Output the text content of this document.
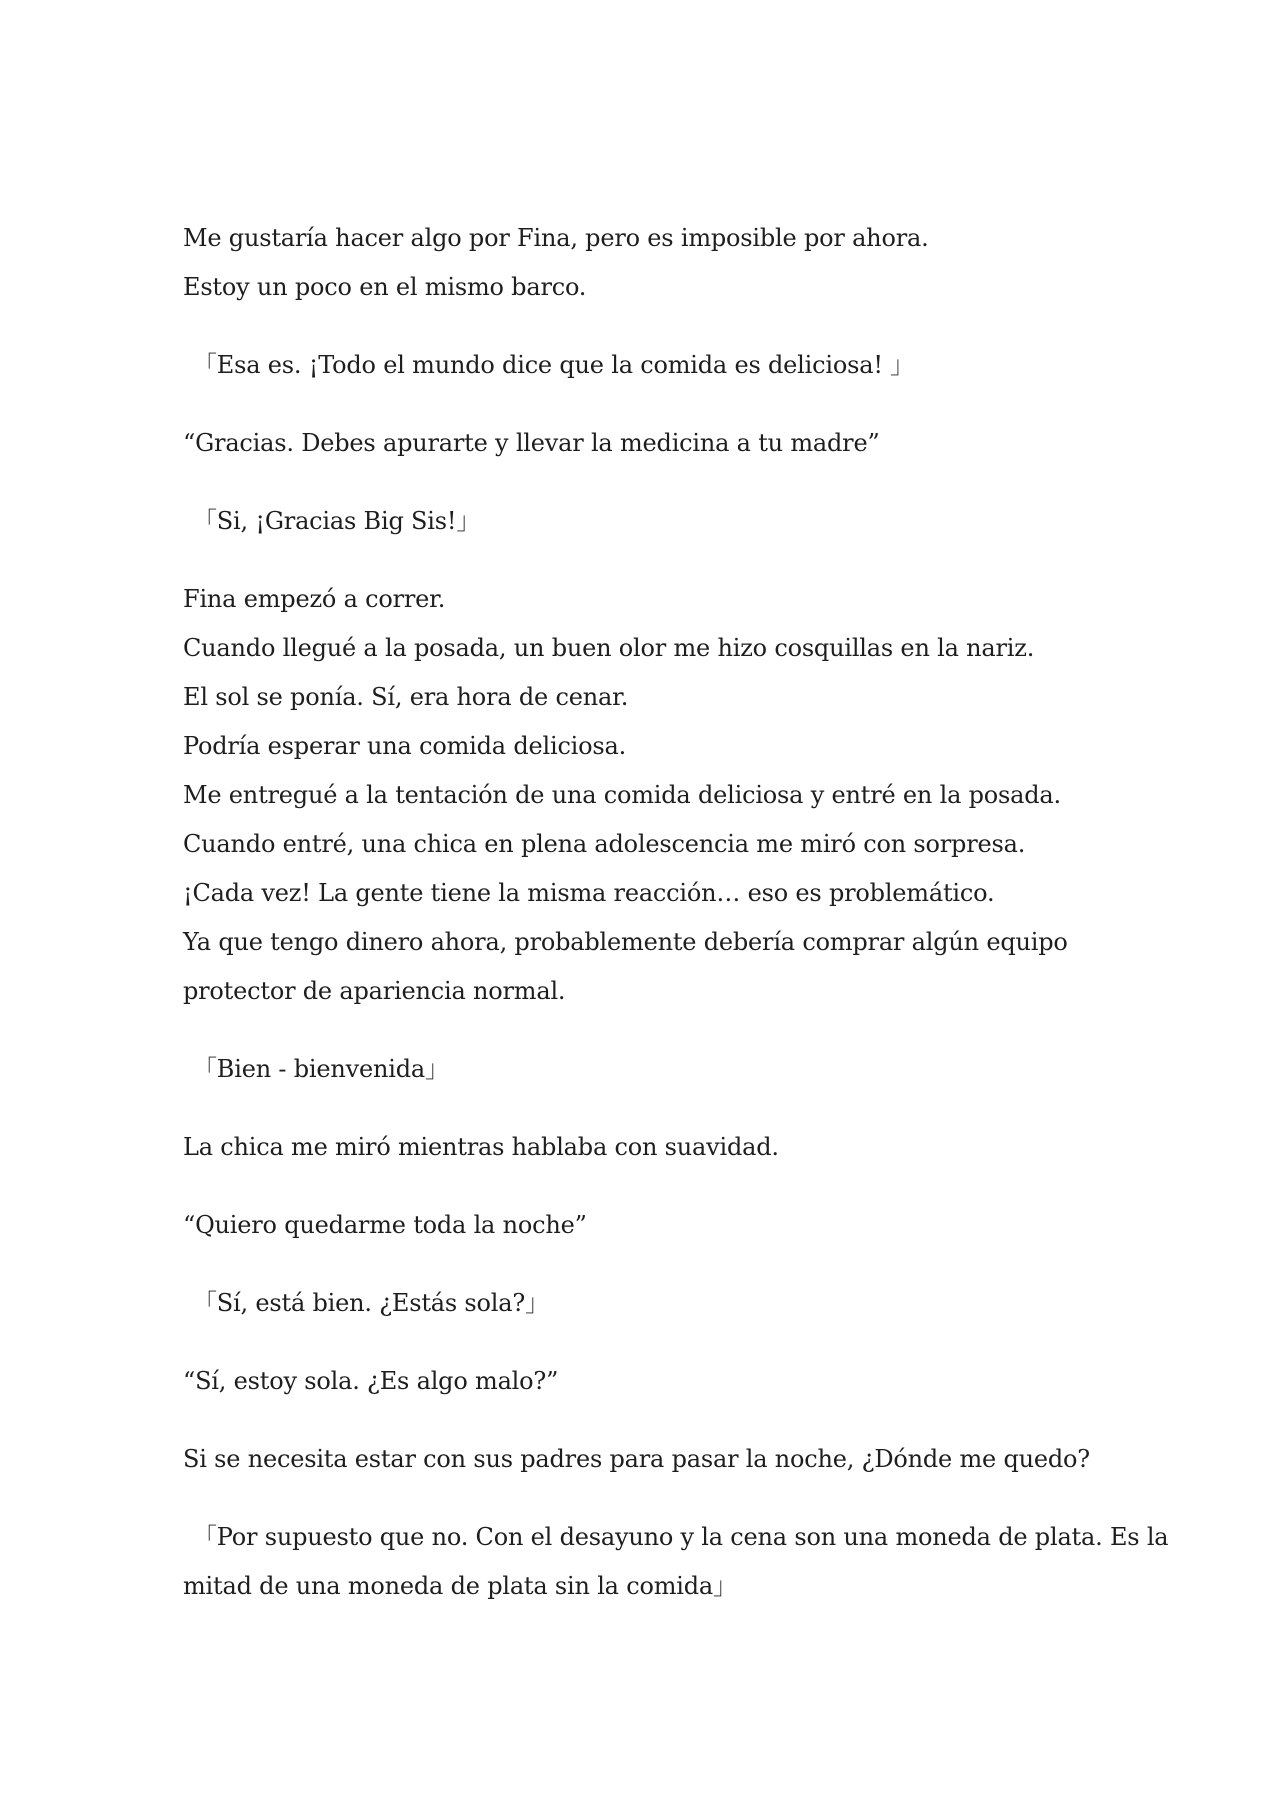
Me gustaría hacer algo por Fina, pero es imposible por ahora.
Estoy un poco en el mismo barco.
「Esa es. ¡Todo el mundo dice que la comida es deliciosa! 」
“Gracias. Debes apurarte y llevar la medicina a tu madre”
「Si, ¡Gracias Big Sis!」
Fina empezó a correr.
Cuando llegué a la posada, un buen olor me hizo cosquillas en la nariz.
El sol se ponía. Sí, era hora de cenar.
Podría esperar una comida deliciosa.
Me entregué a la tentación de una comida deliciosa y entré en la posada.
Cuando entré, una chica en plena adolescencia me miró con sorpresa.
¡Cada vez! La gente tiene la misma reacción… eso es problemático.
Ya que tengo dinero ahora, probablemente debería comprar algún equipo
protector de apariencia normal.
「Bien - bienvenida」
La chica me miró mientras hablaba con suavidad.
“Quiero quedarme toda la noche”
「Sí, está bien. ¿Estás sola?」
“Sí, estoy sola. ¿Es algo malo?”
Si se necesita estar con sus padres para pasar la noche, ¿Dónde me quedo?
「Por supuesto que no. Con el desayuno y la cena son una moneda de plata. Es la
mitad de una moneda de plata sin la comida」
